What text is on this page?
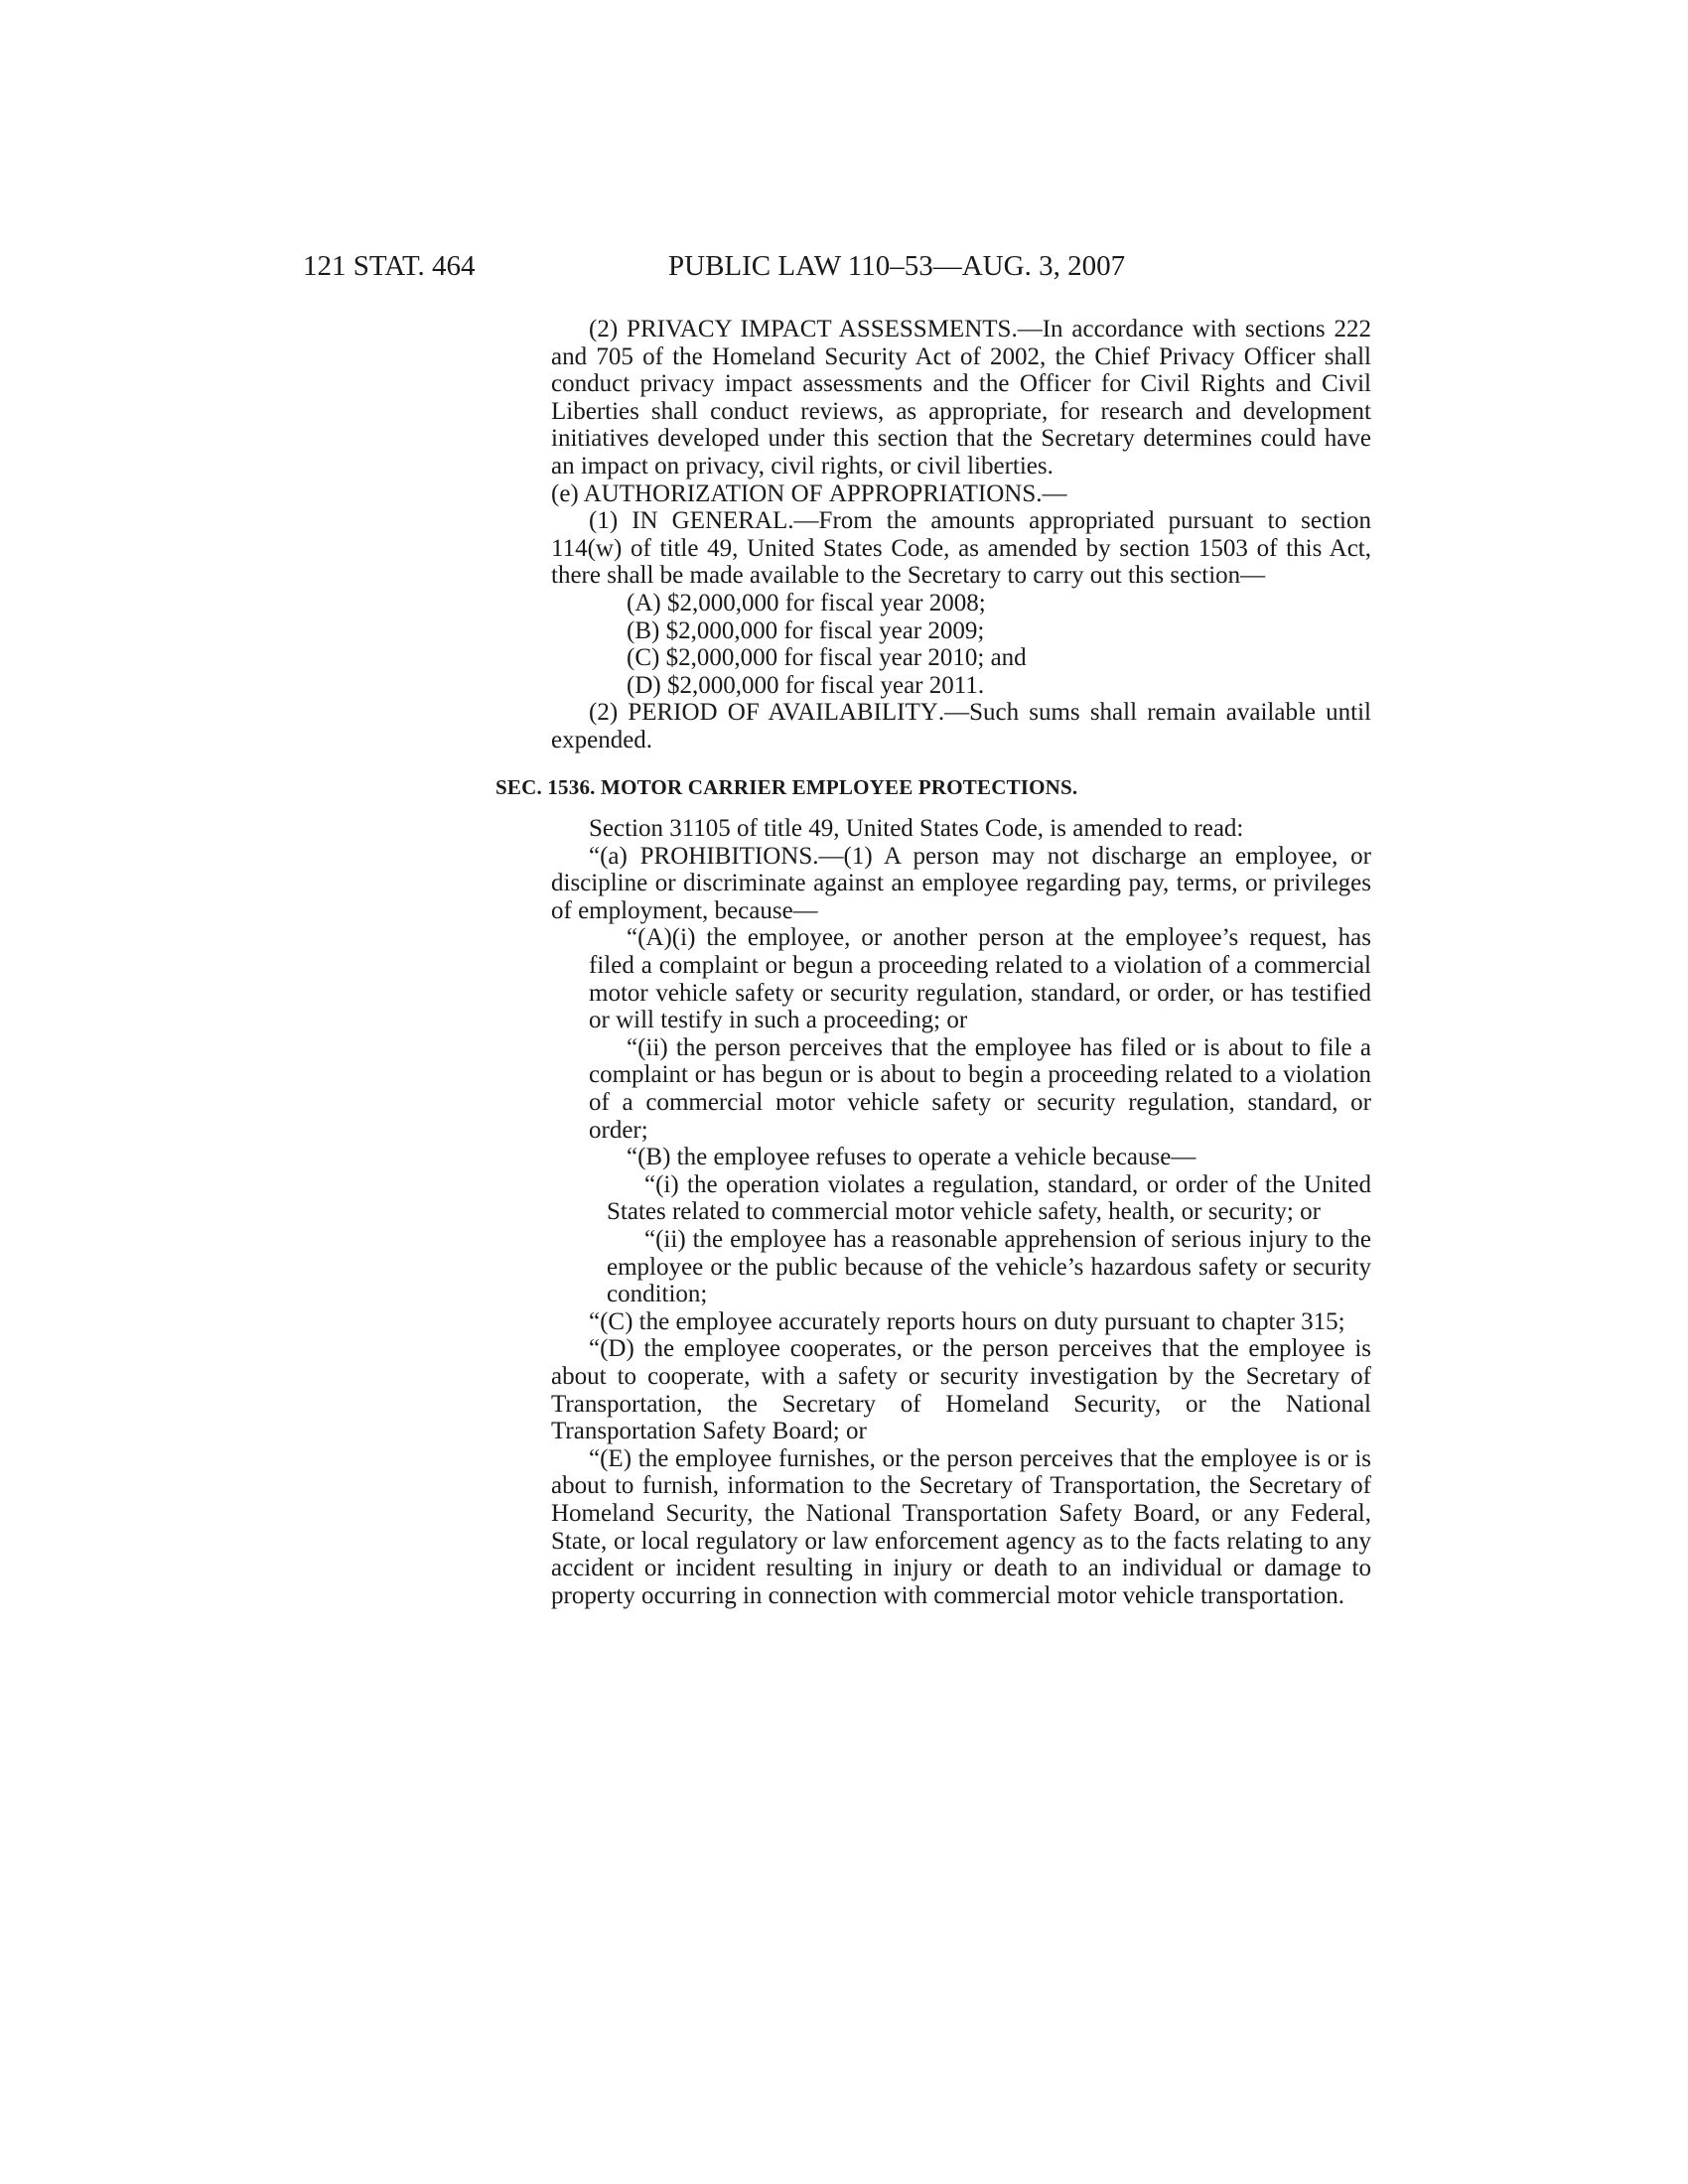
121 STAT. 464	PUBLIC LAW 110–53—AUG. 3, 2007

(2) PRIVACY IMPACT ASSESSMENTS.—In accordance with sections 222 and 705 of the Homeland Security Act of 2002, the Chief Privacy Officer shall conduct privacy impact assessments and the Officer for Civil Rights and Civil Liberties shall conduct reviews, as appropriate, for research and development initiatives developed under this section that the Secretary determines could have an impact on privacy, civil rights, or civil liberties.

(e) AUTHORIZATION OF APPROPRIATIONS.—

(1) IN GENERAL.—From the amounts appropriated pursuant to section 114(w) of title 49, United States Code, as amended by section 1503 of this Act, there shall be made available to the Secretary to carry out this section—

(A) $2,000,000 for fiscal year 2008;

(B) $2,000,000 for fiscal year 2009;

(C) $2,000,000 for fiscal year 2010; and

(D) $2,000,000 for fiscal year 2011.

(2) PERIOD OF AVAILABILITY.—Such sums shall remain available until expended.

SEC. 1536. MOTOR CARRIER EMPLOYEE PROTECTIONS.

Section 31105 of title 49, United States Code, is amended to read:

“(a) PROHIBITIONS.—(1) A person may not discharge an employee, or discipline or discriminate against an employee regarding pay, terms, or privileges of employment, because—

“(A)(i) the employee, or another person at the employee’s request, has filed a complaint or begun a proceeding related to a violation of a commercial motor vehicle safety or security regulation, standard, or order, or has testified or will testify in such a proceeding; or

“(ii) the person perceives that the employee has filed or is about to file a complaint or has begun or is about to begin a proceeding related to a violation of a commercial motor vehicle safety or security regulation, standard, or order;

“(B) the employee refuses to operate a vehicle because—

“(i) the operation violates a regulation, standard, or order of the United States related to commercial motor vehicle safety, health, or security; or

“(ii) the employee has a reasonable apprehension of serious injury to the employee or the public because of the vehicle’s hazardous safety or security condition;

“(C) the employee accurately reports hours on duty pursuant to chapter 315;

“(D) the employee cooperates, or the person perceives that the employee is about to cooperate, with a safety or security investigation by the Secretary of Transportation, the Secretary of Homeland Security, or the National Transportation Safety Board; or

“(E) the employee furnishes, or the person perceives that the employee is or is about to furnish, information to the Secretary of Transportation, the Secretary of Homeland Security, the National Transportation Safety Board, or any Federal, State, or local regulatory or law enforcement agency as to the facts relating to any accident or incident resulting in injury or death to an individual or damage to property occurring in connection with commercial motor vehicle transportation.
